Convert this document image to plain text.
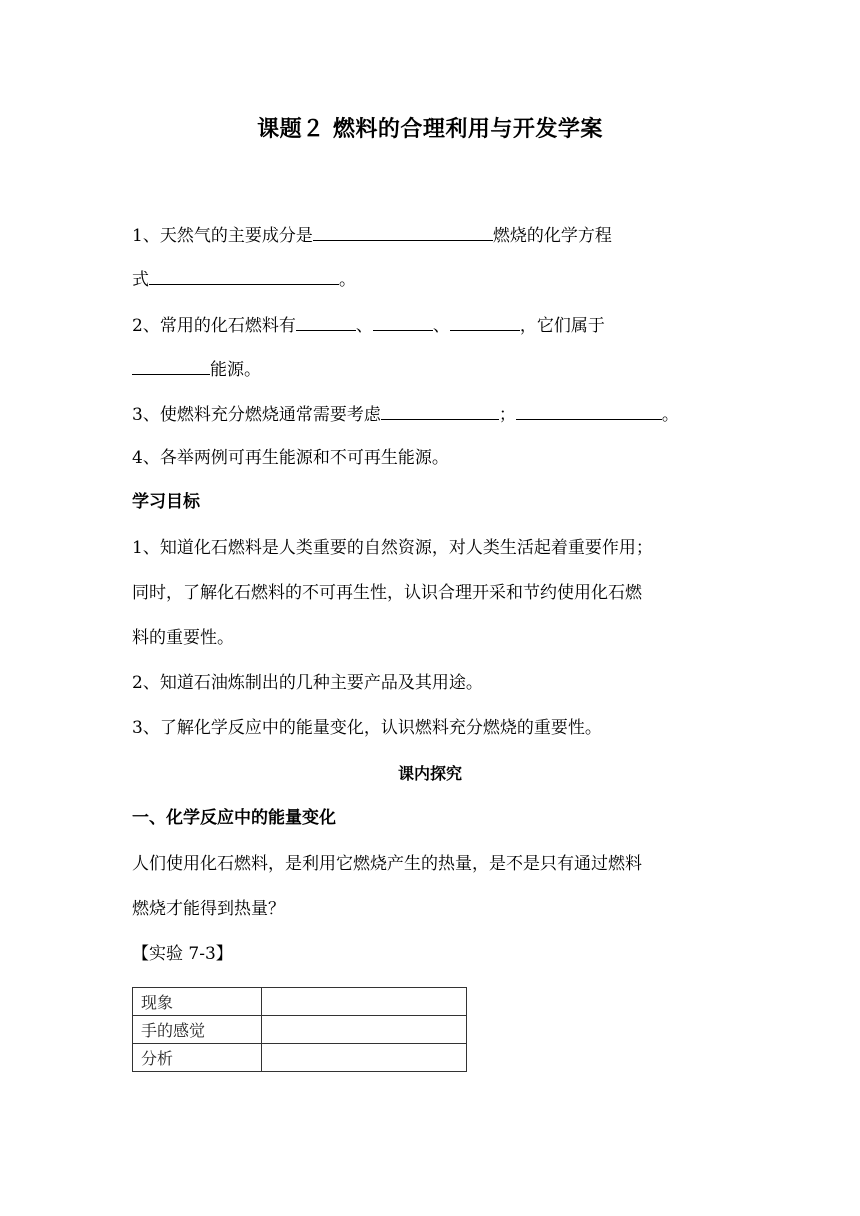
课题２ 燃料的合理利用与开发学案
1、天然气的主要成分是	燃烧的化学方程
式	。
2、常用的化石燃料有	、	、	，它们属于
能源。
3、使燃料充分燃烧通常需要考虑	；	。
4、各举两例可再生能源和不可再生能源。
学习目标
1、知道化石燃料是人类重要的自然资源，对人类生活起着重要作用；
同时，了解化石燃料的不可再生性，认识合理开采和节约使用化石燃
料的重要性。
2、知道石油炼制出的几种主要产品及其用途。
3、了解化学反应中的能量变化，认识燃料充分燃烧的重要性。
课内探究
一、化学反应中的能量变化
人们使用化石燃料，是利用它燃烧产生的热量，是不是只有通过燃料
燃烧才能得到热量？
【实验 7-3】
现象	
手的感觉	
分析	
